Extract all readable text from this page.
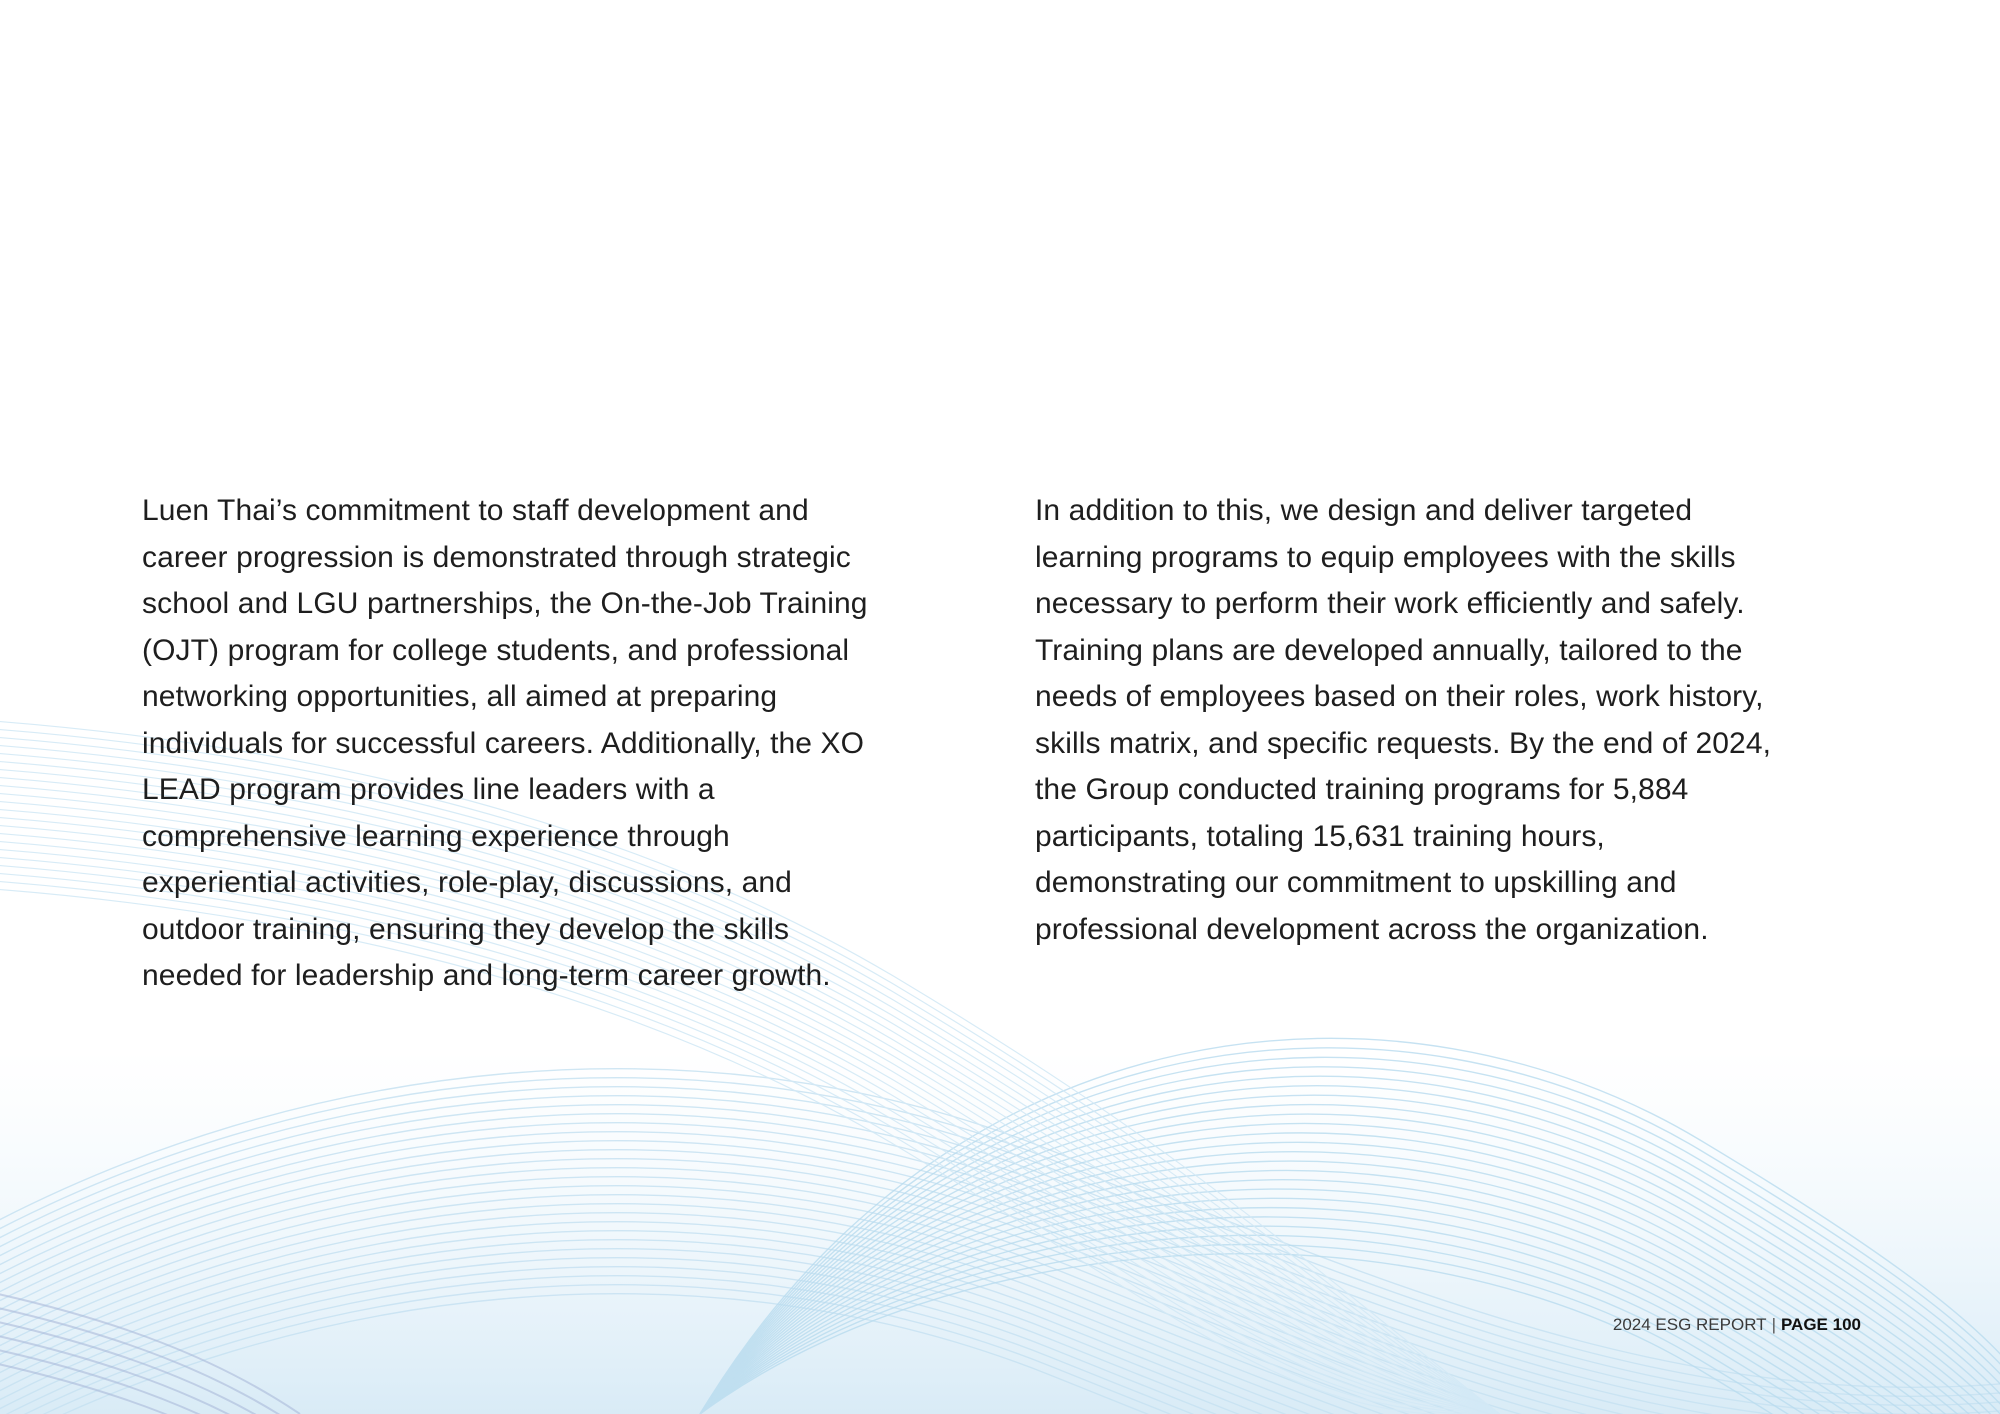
Luen Thai’s commitment to staff development and
career progression is demonstrated through strategic
school and LGU partnerships, the On-the-Job Training
(OJT) program for college students, and professional
networking opportunities, all aimed at preparing
individuals for successful careers. Additionally, the XO
LEAD program provides line leaders with a
comprehensive learning experience through
experiential activities, role-play, discussions, and
outdoor training, ensuring they develop the skills
needed for leadership and long-term career growth.
In addition to this, we design and deliver targeted
learning programs to equip employees with the skills
necessary to perform their work efficiently and safely.
Training plans are developed annually, tailored to the
needs of employees based on their roles, work history,
skills matrix, and specific requests. By the end of 2024,
the Group conducted training programs for 5,884
participants, totaling 15,631 training hours,
demonstrating our commitment to upskilling and
professional development across the organization.
2024 ESG REPORT | PAGE 100
